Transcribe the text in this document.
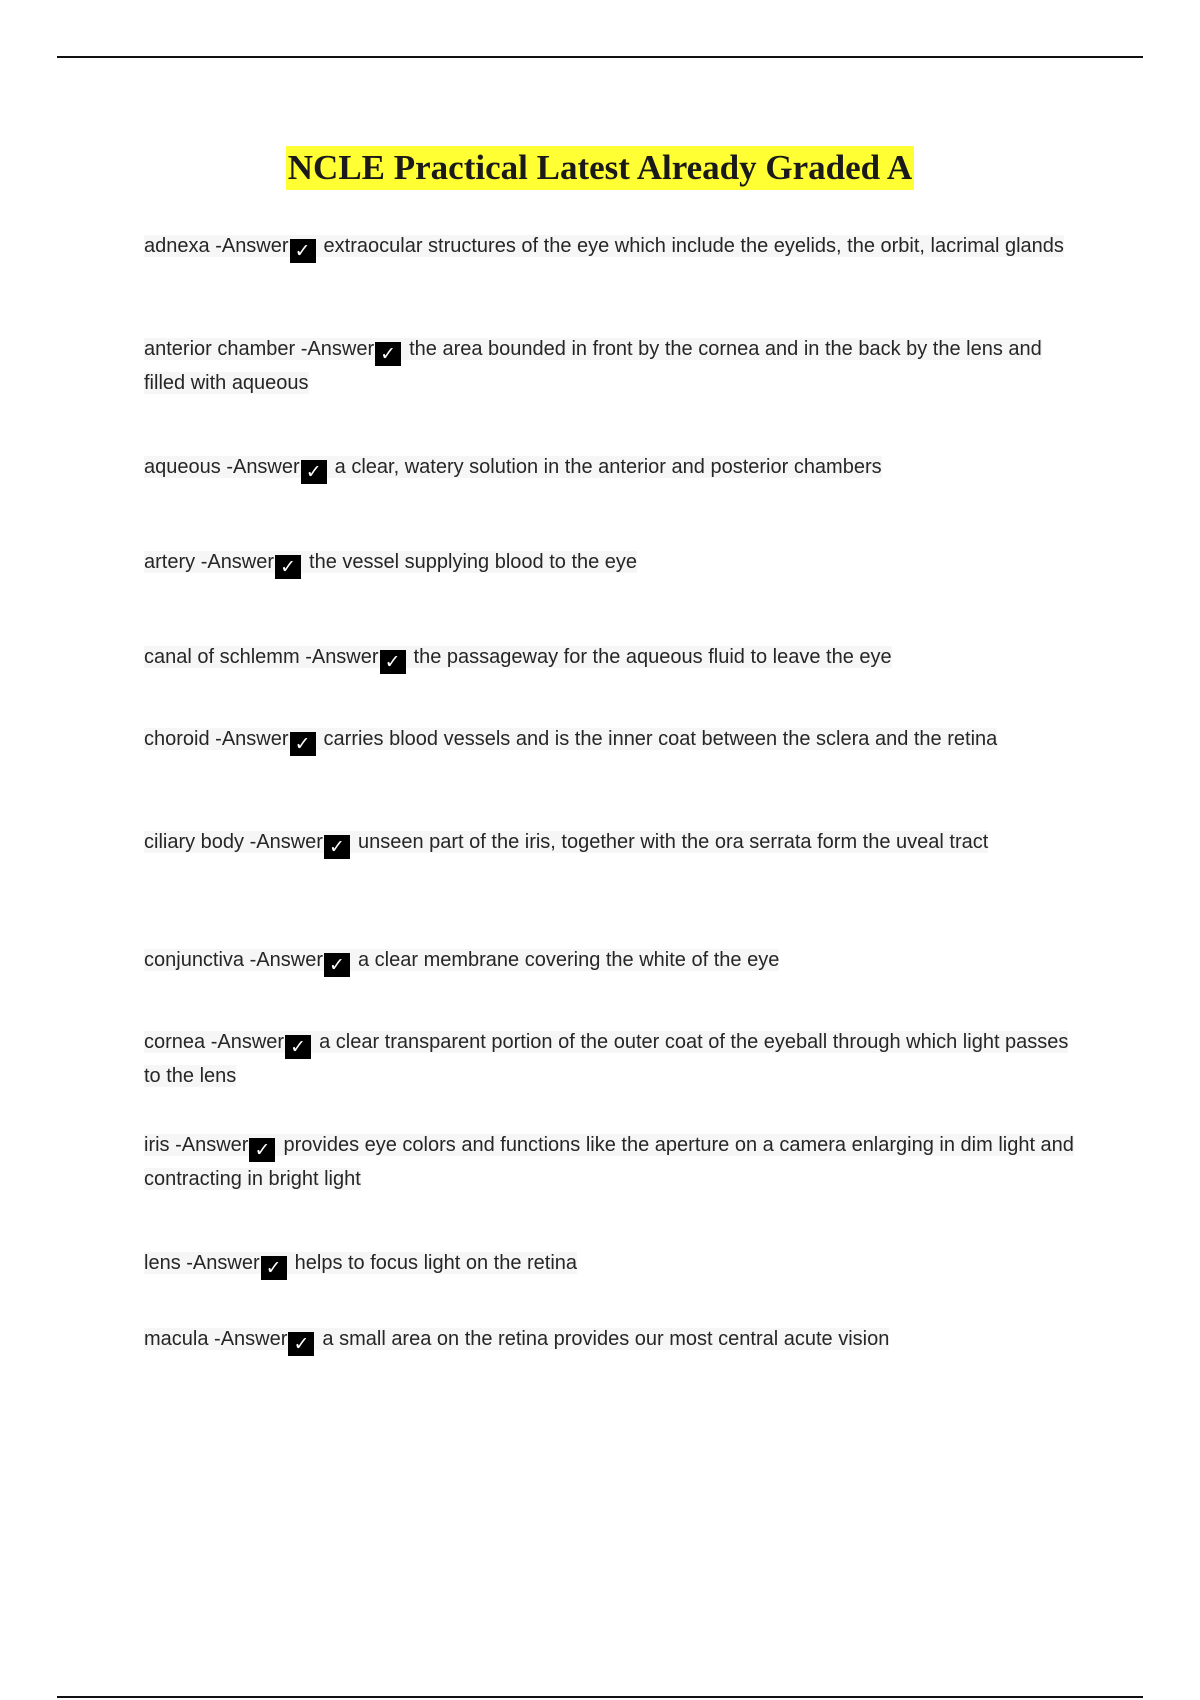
NCLE Practical Latest Already Graded A
adnexa -Answer ✓ extraocular structures of the eye which include the eyelids, the orbit, lacrimal glands
anterior chamber -Answer ✓ the area bounded in front by the cornea and in the back by the lens and filled with aqueous
aqueous -Answer ✓ a clear, watery solution in the anterior and posterior chambers
artery -Answer ✓ the vessel supplying blood to the eye
canal of schlemm -Answer ✓ the passageway for the aqueous fluid to leave the eye
choroid -Answer ✓ carries blood vessels and is the inner coat between the sclera and the retina
ciliary body -Answer ✓ unseen part of the iris, together with the ora serrata form the uveal tract
conjunctiva -Answer ✓ a clear membrane covering the white of the eye
cornea -Answer ✓ a clear transparent portion of the outer coat of the eyeball through which light passes to the lens
iris -Answer ✓ provides eye colors and functions like the aperture on a camera enlarging in dim light and contracting in bright light
lens -Answer ✓ helps to focus light on the retina
macula -Answer ✓ a small area on the retina provides our most central acute vision
